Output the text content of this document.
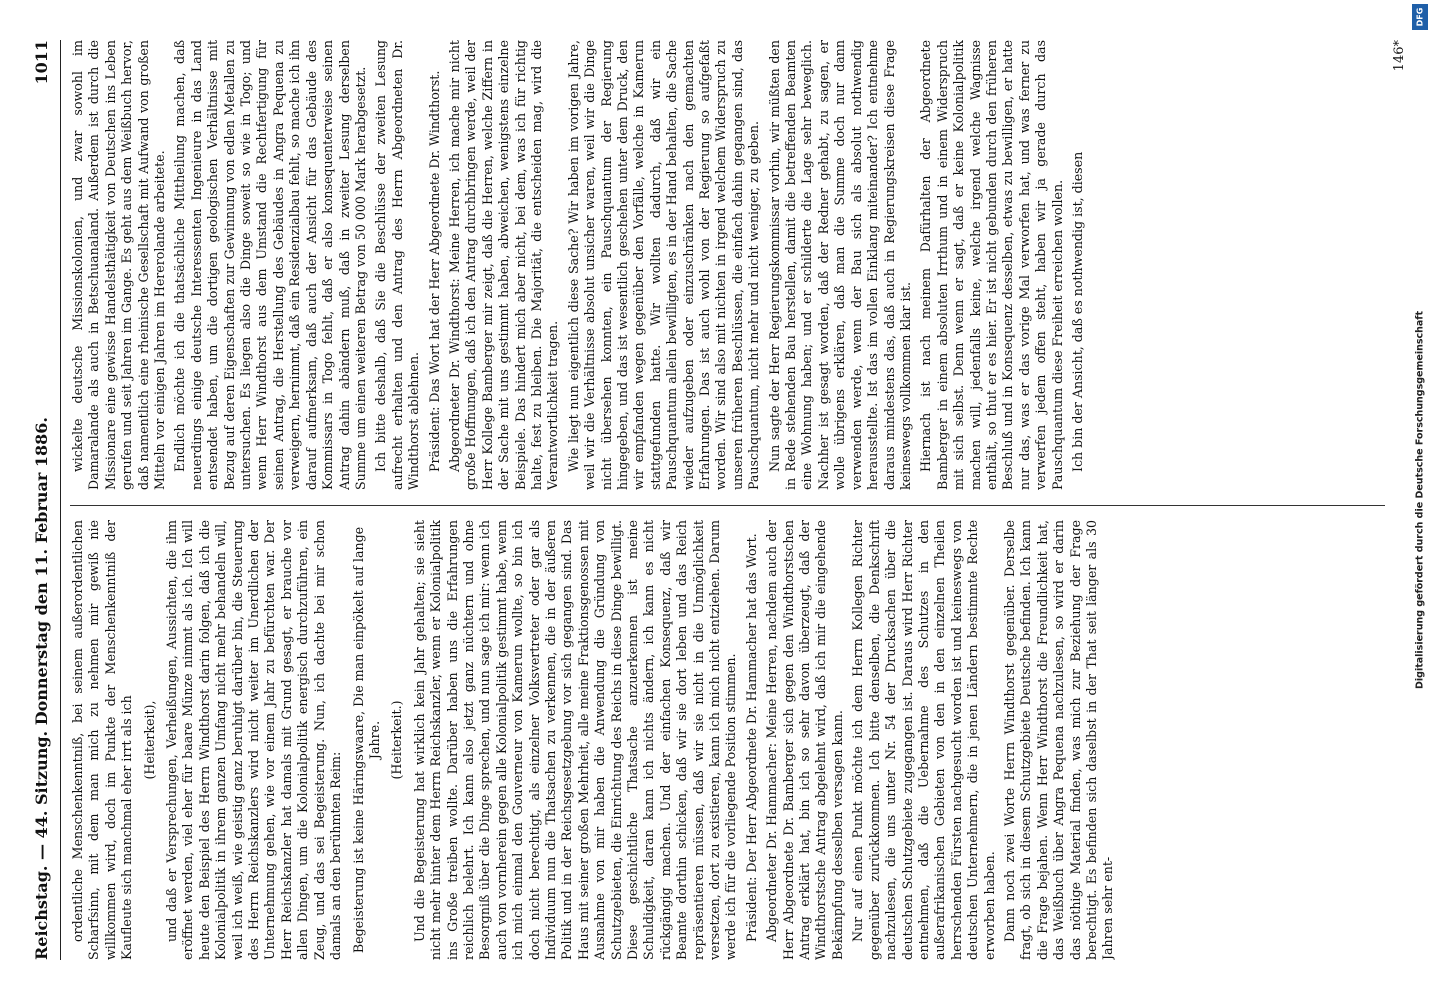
Reichstag. — 44. Sitzung. Donnerstag den 11. Februar 1886.
1011

ordentliche Menschenkenntniß, bei seinem außerordentlichen Scharfsinn, mit dem man mich zu nehmen mir gewiß nie willkommen wird, doch im Punkte der Menschenkenntniß der Kaufleute sich manchmal eher irrt als ich (Heiterkeit), und daß er Versprechungen, Verheißungen, Aussichten, die ihm eröffnet werden, viel eher für baare Münze nimmt als ich. Ich will heute den Beispiel des Herrn Windthorst darin folgen, daß ich die Kolonialpolitik in ihrem ganzen Umfang nicht mehr behandeln will, weil ich weiß, wie geistig ganz beruhigt darüber bin, die Steuerung des Herrn Reichskanzlers wird nicht weiter im Unerdlichen der Unternehmung gehen, wie vor einem Jahr zu befürchten war. Der Herr Reichskanzler hat damals mit Grund gesagt, er brauche vor allen Dingen, um die Kolonialpolitik energisch durchzuführen, ein Zeug, und das sei Begeisterung. Nun, ich dachte bei mir schon damals an den berühmten Reim: Begeisterung ist keine Häringswaare, Die man einpökelt auf lange Jahre. (Heiterkeit.) Und die Begeisterung hat wirklich kein Jahr gehalten; sie sieht nicht mehr hinter dem Herrn Reichskanzler, wenn er Kolonialpolitik ins Große treiben wollte. Darüber haben uns die Erfahrungen reichlich belehrt. Ich kann also jetzt ganz nüchtern und ohne Besorgniß über die Dinge sprechen, und nun sage ich mir: wenn ich auch von vornherein gegen alle Kolonialpolitik gestimmt habe, wenn ich mich einmal den Gouverneur von Kamerun wollte, so bin ich doch nicht berechtigt, als einzelner Volksvertreter oder gar als Individuum nun die Thatsachen zu verkennen, die in der äußeren Politik und in der Reichsgesetzgebung vor sich gegangen sind. Das Haus mit seiner großen Mehrheit, alle meine Fraktionsgenossen mit Ausnahme von mir haben die Anwendung die Gründung von Schutzgebieten, die Einrichtung des Reichs in diese Dinge bewilligt. Diese geschichtliche Thatsache anzuerkennen ist meine Schuldigkeit, daran kann ich nichts ändern, ich kann es nicht rückgängig machen. Und der einfachen Konsequenz, daß wir Beamte dorthin schicken, daß wir sie dort leben und das Reich repräsentieren müssen, daß wir sie nicht in die Unmöglichkeit versetzen, dort zu existieren, kann ich mich nicht entziehen. Darum werde ich für die vorliegende Position stimmen. Präsident: Der Herr Abgeordnete Dr. Hammacher hat das Wort. Abgeordneter Dr. Hammacher: Meine Herren, nachdem auch der Herr Abgeordnete Dr. Bamberger sich gegen den Windthorstschen Antrag erklärt hat, bin ich so sehr davon überzeugt, daß der Windthorstsche Antrag abgelehnt wird, daß ich mir die eingehende Bekämpfung desselben versagen kann. Nur auf einen Punkt möchte ich dem Herrn Kollegen Richter gegenüber zurückkommen. Ich bitte denselben, die Denkschrift nachzulesen, die uns unter Nr. 54 der Drucksachen über die deutschen Schutzgebiete zugegangen ist. Daraus wird Herr Richter entnehmen, daß die Uebernahme des Schutzes in den außerafrikanischen Gebieten von den in den einzelnen Theilen herrschenden Fürsten nachgesucht worden ist und keineswegs von deutschen Unternehmern, die in jenen Ländern bestimmte Rechte erworben haben. Dann noch zwei Worte Herrn Windthorst gegenüber. Derselbe fragt, ob sich in diesem Schutzgebiete Deutsche befinden. Ich kann die Frage bejahen. Wenn Herr Windthorst die Freundlichkeit hat, das Weißbuch über Angra Pequena nachzulesen, so wird er darin das nöthige Material finden, was mich zur Beziehung der Frage berechtigt. Es befinden sich daselbst in der That seit länger als 30 Jahren sehr ent-

wickelte deutsche Missionskolonien, und zwar sowohl im Damaralande als auch in Betschuanaland. Außerdem ist durch die Missionare eine gewisse Handelsthätigkeit von Deutschen ins Leben gerufen und seit Jahren im Gange. Es geht aus dem Weißbuch hervor, daß namentlich eine rheinische Gesellschaft mit Aufwand von großen Mitteln vor einigen Jahren im Hererolande arbeitete. Endlich möchte ich die thatsächliche Mittheilung machen, daß neuerdings einige deutsche Interessenten Ingenieure in das Land entsendet haben, um die dortigen geologischen Verhältnisse mit Bezug auf deren Eigenschaften zur Gewinnung von edlen Metallen zu untersuchen. Es liegen also die Dinge soweit so wie in Togo; und wenn Herr Windthorst aus dem Umstand die Rechtfertigung für seinen Antrag, die Herstellung des Gebäudes in Angra Pequena zu verweigern, hernimmt, daß ein Residenzialbau fehlt, so mache ich ihn darauf aufmerksam, daß auch der Ansicht für das Gebäude des Kommissars in Togo fehlt, daß er also konsequenterweise seinen Antrag dahin abändern muß, daß in zweiter Lesung derselben Summe um einen weiteren Betrag von 50 000 Mark herabgesetzt. Ich bitte deshalb, daß Sie die Beschlüsse der zweiten Lesung aufrecht erhalten und den Antrag des Herrn Abgeordneten Dr. Windthorst ablehnen. Präsident: Das Wort hat der Herr Abgeordnete Dr. Windthorst. Abgeordneter Dr. Windthorst: Meine Herren, ich mache mir nicht große Hoffnungen, daß ich den Antrag durchbringen werde, weil der Herr Kollege Bamberger mir zeigt, daß die Herren, welche Ziffern in der Sache mit uns gestimmt haben, abweichen, wenigstens einzelne Beispiele. Das hindert mich aber nicht, bei dem, was ich für richtig halte, fest zu bleiben. Die Majorität, die entscheiden mag, wird die Verantwortlichkeit tragen. Wie liegt nun eigentlich diese Sache? Wir haben im vorigen Jahre, weil wir die Verhältnisse absolut unsicher waren, weil wir die Dinge nicht übersehen konnten, ein Pauschquantum der Regierung hingegeben, und das ist wesentlich geschehen unter dem Druck, den wir empfanden wegen gegenüber den Vorfälle, welche in Kamerun stattgefunden hatte. Wir wollten dadurch, daß wir ein Pauschquantum allein bewilligten, es in der Hand behalten, die Sache wieder aufzugeben oder einzuschränken nach den gemachten Erfahrungen. Das ist auch wohl von der Regierung so aufgefaßt worden. Wir sind also mit nichten in irgend welchem Widerspruch zu unseren früheren Beschlüssen, die einfach dahin gegangen sind, das Pauschquantum, nicht mehr und nicht weniger, zu geben. Nun sagte der Herr Regierungskommissar vorhin, wir müßten den in Rede stehenden Bau herstellen, damit die betreffenden Beamten eine Wohnung haben; und er schilderte die Lage sehr beweglich. Nachher ist gesagt worden, daß der Redner gehabt, zu sagen, er wolle übrigens erklären, daß man die Summe doch nur dann verwenden werde, wenn der Bau sich als absolut nothwendig herausstellte. Ist das im vollen Einklang miteinander? Ich entnehme daraus mindestens das, daß auch in Regierungskreisen diese Frage keineswegs vollkommen klar ist. Hiernach ist nach meinem Dafürhalten der Abgeordnete Bamberger in einem absoluten Irrthum und in einem Widerspruch mit sich selbst. Denn wenn er sagt, daß er keine Kolonialpolitik machen will, jedenfalls keine, welche irgend welche Wagnisse enthält, so thut er es hier. Er ist nicht gebunden durch den früheren Beschluß und in Konsequenz desselben, etwas zu bewilligen, er hatte nur das, was er das vorige Mal verworfen hat, und was ferner zu verwerfen jedem offen steht, haben wir ja gerade durch das Pauschquantum diese Freiheit erreichen wollen. Ich bin der Ansicht, daß es nothwendig ist, diesen

146*
Digitalisierung gefördert durch die Deutsche Forschungsgemeinschaft
DFG
